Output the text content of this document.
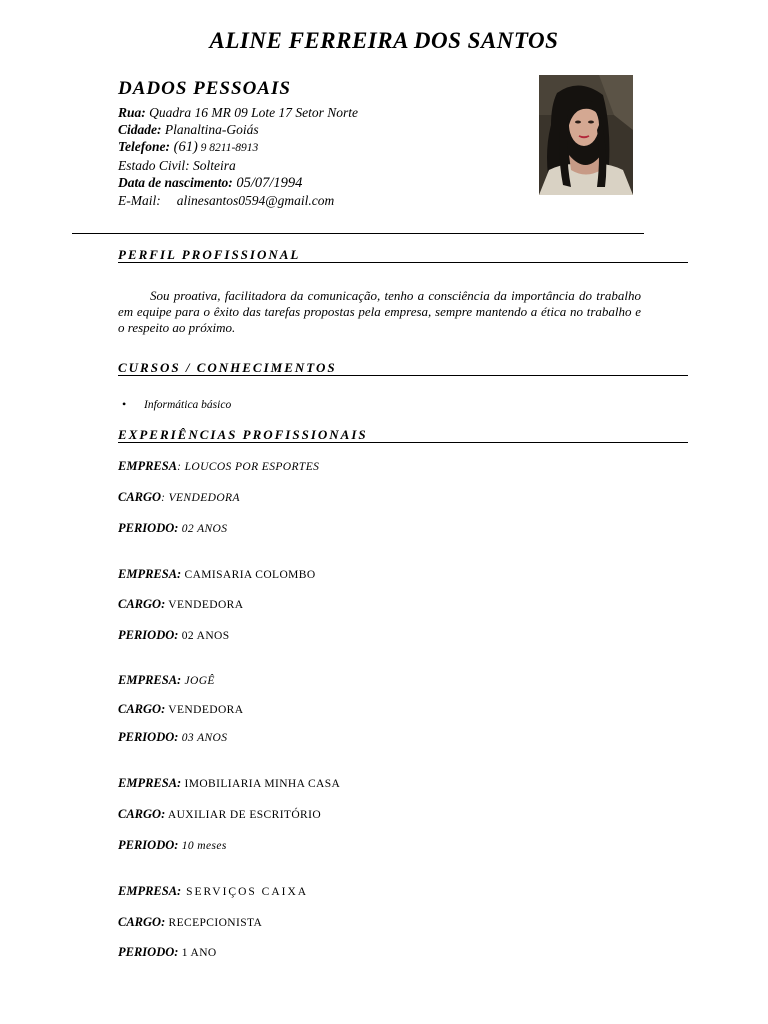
ALINE FERREIRA DOS SANTOS
DADOS PESSOAIS
Rua: Quadra 16 MR 09 Lote 17 Setor Norte
Cidade: Planaltina-Goiás
Telefone: (61) 9 8211-8913
Estado Civil: Solteira
Data de nascimento: 05/07/1994
E-Mail: alinesantos0594@gmail.com
PERFIL PROFISSIONAL
Sou proativa, facilitadora da comunicação, tenho a consciência da importância do trabalho em equipe para o êxito das tarefas propostas pela empresa, sempre mantendo a ética no trabalho e o respeito ao próximo.
CURSOS / CONHECIMENTOS
• Informática básico
EXPERIÊNCIAS PROFISSIONAIS
EMPRESA: LOUCOS POR ESPORTES
CARGO: VENDEDORA
PERIODO: 02 ANOS
EMPRESA: CAMISARIA COLOMBO
CARGO: VENDEDORA
PERIODO: 02 ANOS
EMPRESA: JOGÊ
CARGO: VENDEDORA
PERIODO: 03 ANOS
EMPRESA: IMOBILIARIA MINHA CASA
CARGO: AUXILIAR DE ESCRITÓRIO
PERIODO: 10 meses
EMPRESA: SERVIÇOS CAIXA
CARGO: RECEPCIONISTA
PERIODO: 1 ANO
